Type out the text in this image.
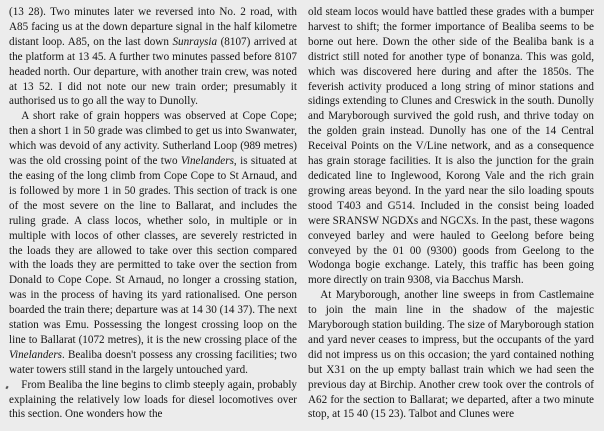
(13 28). Two minutes later we reversed into No. 2 road, with A85 facing us at the down departure signal in the half kilometre distant loop. A85, on the last down Sunraysia (8107) arrived at the platform at 13 45. A further two minutes passed before 8107 headed north. Our departure, with another train crew, was noted at 13 52. I did not note our new train order; presumably it authorised us to go all the way to Dunolly.

A short rake of grain hoppers was observed at Cope Cope; then a short 1 in 50 grade was climbed to get us into Swanwater, which was devoid of any activity. Sutherland Loop (989 metres) was the old crossing point of the two Vinelanders, is situated at the easing of the long climb from Cope Cope to St Arnaud, and is followed by more 1 in 50 grades. This section of track is one of the most severe on the line to Ballarat, and includes the ruling grade. A class locos, whether solo, in multiple or in multiple with locos of other classes, are severely restricted in the loads they are allowed to take over this section compared with the loads they are permitted to take over the section from Donald to Cope Cope. St Arnaud, no longer a crossing station, was in the process of having its yard rationalised. One person boarded the train there; departure was at 14 30 (14 37). The next station was Emu. Possessing the longest crossing loop on the line to Ballarat (1072 metres), it is the new crossing place of the Vinelanders. Bealiba doesn't possess any crossing facilities; two water towers still stand in the largely untouched yard.

From Bealiba the line begins to climb steeply again, probably explaining the relatively low loads for diesel locomotives over this section. One wonders how the

old steam locos would have battled these grades with a bumper harvest to shift; the former importance of Bealiba seems to be borne out here. Down the other side of the Bealiba bank is a district still noted for another type of bonanza. This was gold, which was discovered here during and after the 1850s. The feverish activity produced a long string of minor stations and sidings extending to Clunes and Creswick in the south. Dunolly and Maryborough survived the gold rush, and thrive today on the golden grain instead. Dunolly has one of the 14 Central Receival Points on the V/Line network, and as a consequence has grain storage facilities. It is also the junction for the grain dedicated line to Inglewood, Korong Vale and the rich grain growing areas beyond. In the yard near the silo loading spouts stood T403 and G514. Included in the consist being loaded were SRANSW NGDXs and NGCXs. In the past, these wagons conveyed barley and were hauled to Geelong before being conveyed by the 01 00 (9300) goods from Geelong to the Wodonga bogie exchange. Lately, this traffic has been going more directly on train 9308, via Bacchus Marsh.

At Maryborough, another line sweeps in from Castlemaine to join the main line in the shadow of the majestic Maryborough station building. The size of Maryborough station and yard never ceases to impress, but the occupants of the yard did not impress us on this occasion; the yard contained nothing but X31 on the up empty ballast train which we had seen the previous day at Birchip. Another crew took over the controls of A62 for the section to Ballarat; we departed, after a two minute stop, at 15 40 (15 23). Talbot and Clunes were
